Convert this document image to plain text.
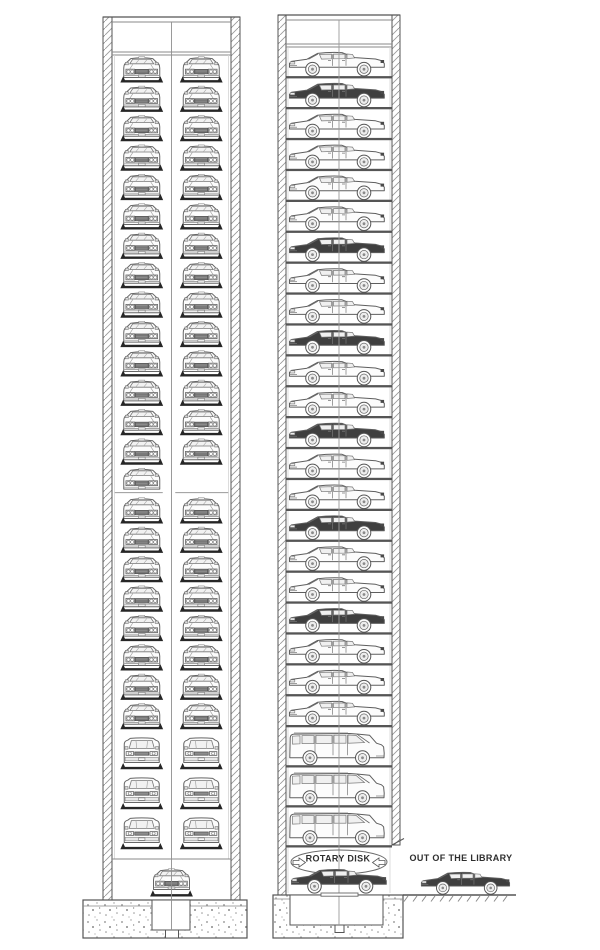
ROTARY DISK	OUT OF THE LIBRARY
